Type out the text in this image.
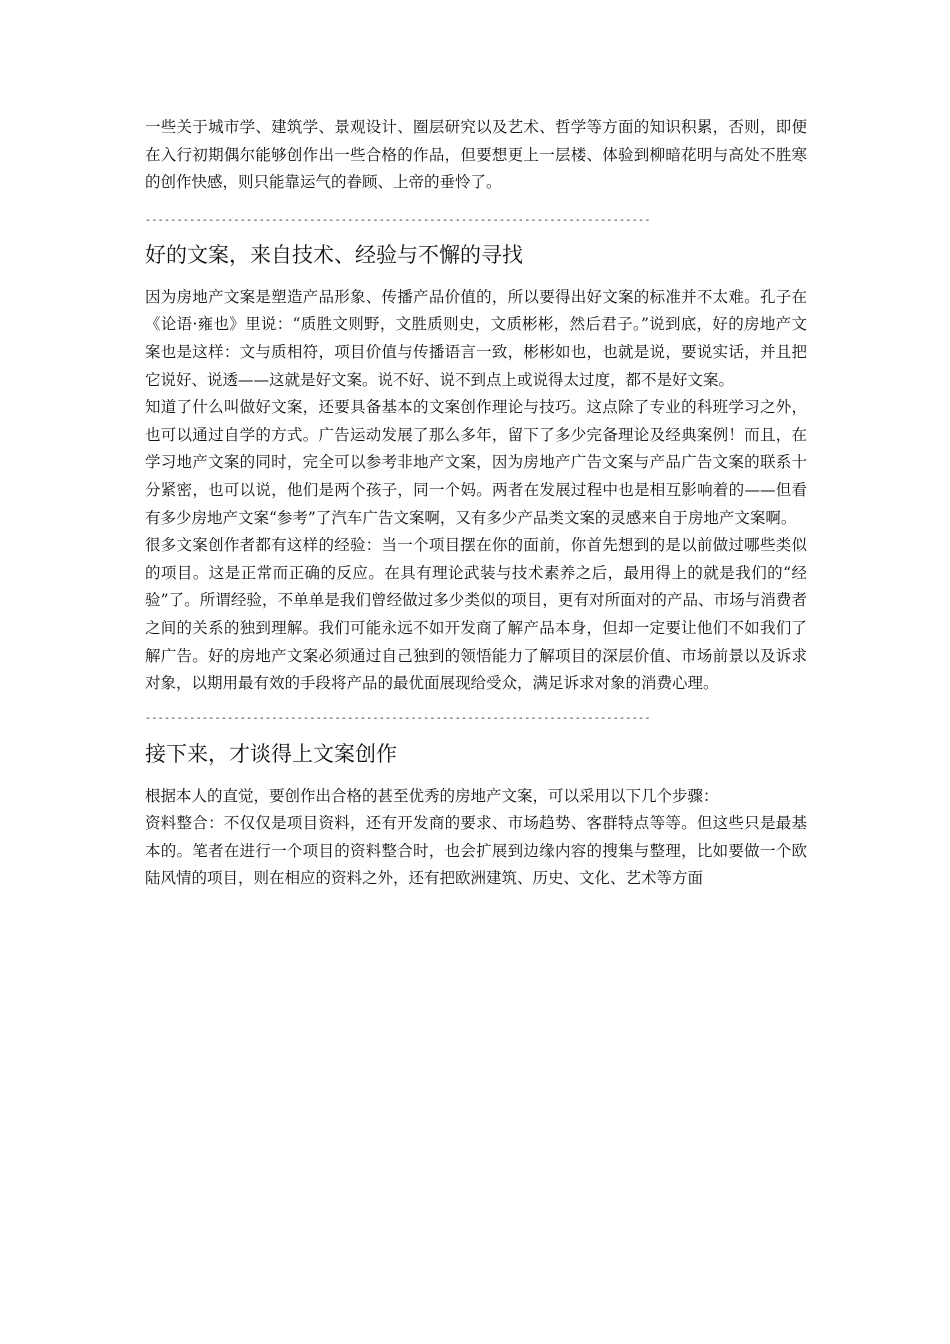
一些关于城市学、建筑学、景观设计、圈层研究以及艺术、哲学等方面的知识积累，否则，即便在入行初期偶尔能够创作出一些合格的作品，但要想更上一层楼、体验到柳暗花明与高处不胜寒的创作快感，则只能靠运气的眷顾、上帝的垂怜了。

--------------------------------------------------------------------------------
好的文案，来自技术、经验与不懈的寻找

因为房地产文案是塑造产品形象、传播产品价值的，所以要得出好文案的标准并不太难。孔子在《论语·雍也》里说：“质胜文则野，文胜质则史，文质彬彬，然后君子。”说到底，好的房地产文案也是这样：文与质相符，项目价值与传播语言一致，彬彬如也，也就是说，要说实话，并且把它说好、说透——这就是好文案。说不好、说不到点上或说得太过度，都不是好文案。

知道了什么叫做好文案，还要具备基本的文案创作理论与技巧。这点除了专业的科班学习之外，也可以通过自学的方式。广告运动发展了那么多年，留下了多少完备理论及经典案例！而且，在学习地产文案的同时，完全可以参考非地产文案，因为房地产广告文案与产品广告文案的联系十分紧密，也可以说，他们是两个孩子，同一个妈。两者在发展过程中也是相互影响着的——但看有多少房地产文案“参考”了汽车广告文案啊，又有多少产品类文案的灵感来自于房地产文案啊。

很多文案创作者都有这样的经验：当一个项目摆在你的面前，你首先想到的是以前做过哪些类似的项目。这是正常而正确的反应。在具有理论武装与技术素养之后，最用得上的就是我们的“经验”了。所谓经验，不单单是我们曾经做过多少类似的项目，更有对所面对的产品、市场与消费者之间的关系的独到理解。我们可能永远不如开发商了解产品本身，但却一定要让他们不如我们了解广告。好的房地产文案必须通过自己独到的领悟能力了解项目的深层价值、市场前景以及诉求对象，以期用最有效的手段将产品的最优面展现给受众，满足诉求对象的消费心理。

--------------------------------------------------------------------------------
接下来，才谈得上文案创作

根据本人的直觉，要创作出合格的甚至优秀的房地产文案，可以采用以下几个步骤：

资料整合：不仅仅是项目资料，还有开发商的要求、市场趋势、客群特点等等。但这些只是最基本的。笔者在进行一个项目的资料整合时，也会扩展到边缘内容的搜集与整理，比如要做一个欧陆风情的项目，则在相应的资料之外，还有把欧洲建筑、历史、文化、艺术等方面
